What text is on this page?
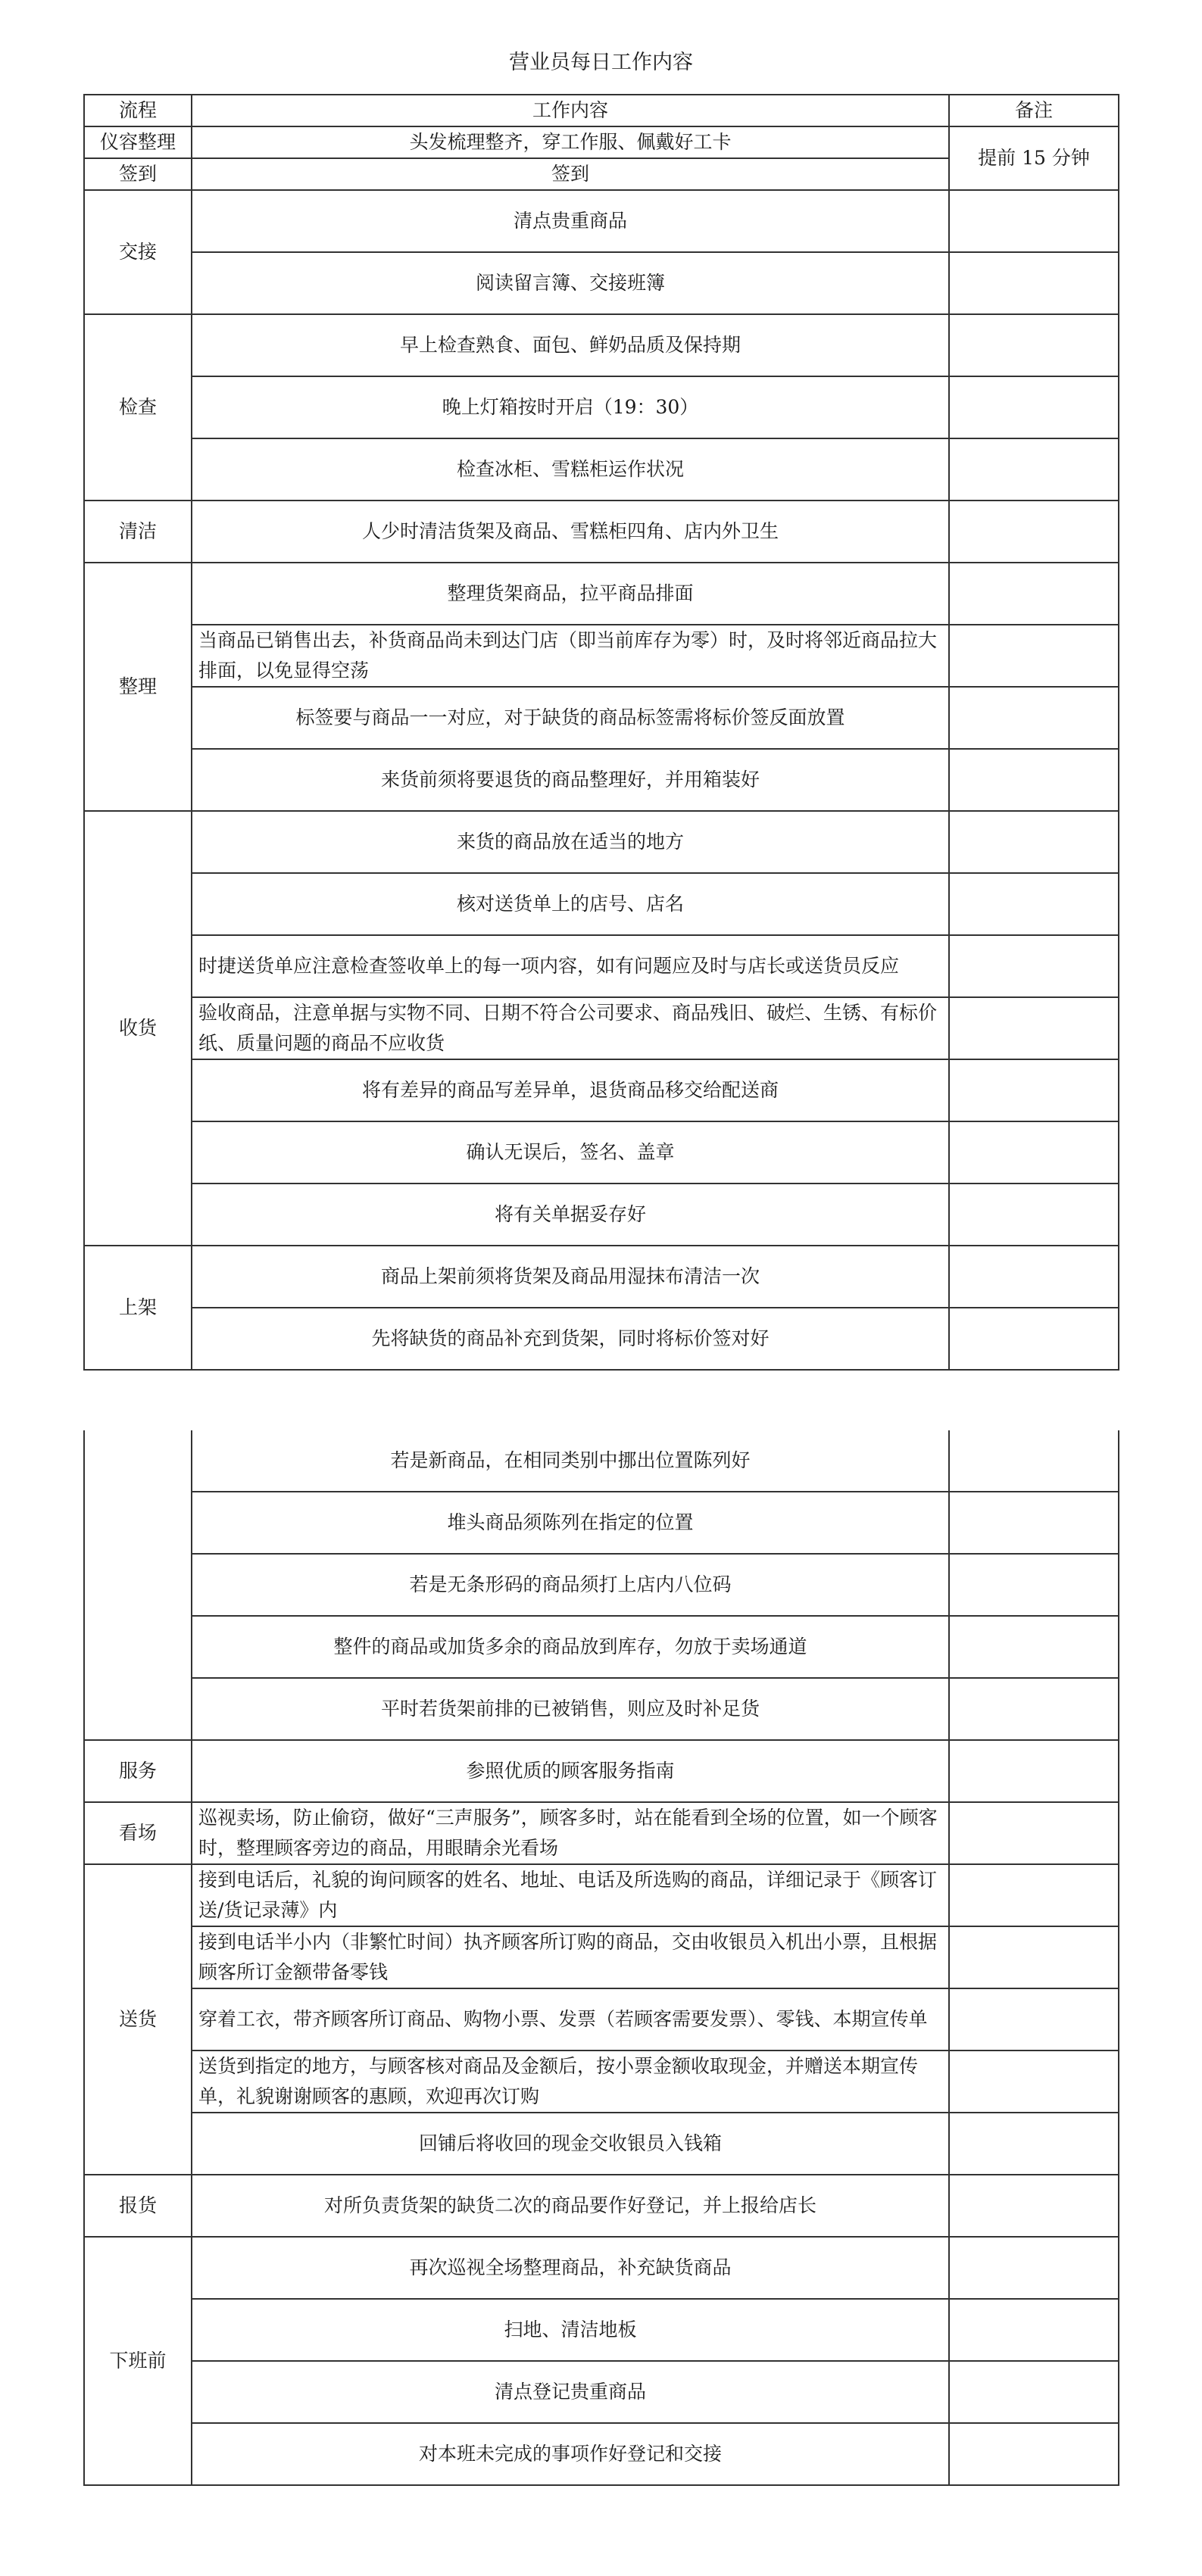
营业员每日工作内容
流程	工作内容	备注
仪容整理	头发梳理整齐，穿工作服、佩戴好工卡	提前 15 分钟
签到	签到	
交接	清点贵重商品	
	阅读留言簿、交接班簿	
检查	早上检查熟食、面包、鲜奶品质及保持期	
	晚上灯箱按时开启（19：30）	
	检查冰柜、雪糕柜运作状况	
清洁	人少时清洁货架及商品、雪糕柜四角、店内外卫生	
整理	整理货架商品，拉平商品排面	
	当商品已销售出去，补货商品尚未到达门店（即当前库存为零）时，及时将邻近商品拉大排面，以免显得空荡	
	标签要与商品一一对应，对于缺货的商品标签需将标价签反面放置	
	来货前须将要退货的商品整理好，并用箱装好	
收货	来货的商品放在适当的地方	
	核对送货单上的店号、店名	
	时捷送货单应注意检查签收单上的每一项内容，如有问题应及时与店长或送货员反应	
	验收商品，注意单据与实物不同、日期不符合公司要求、商品残旧、破烂、生锈、有标价纸、质量问题的商品不应收货	
	将有差异的商品写差异单，退货商品移交给配送商	
	确认无误后，签名、盖章	
	将有关单据妥存好	
上架	商品上架前须将货架及商品用湿抹布清洁一次	
	先将缺货的商品补充到货架，同时将标价签对好	
	若是新商品，在相同类别中挪出位置陈列好	
	堆头商品须陈列在指定的位置	
	若是无条形码的商品须打上店内八位码	
	整件的商品或加货多余的商品放到库存，勿放于卖场通道	
	平时若货架前排的已被销售，则应及时补足货	
服务	参照优质的顾客服务指南	
看场	巡视卖场，防止偷窃，做好“三声服务”，顾客多时，站在能看到全场的位置，如一个顾客时，整理顾客旁边的商品，用眼睛余光看场	
送货	接到电话后，礼貌的询问顾客的姓名、地址、电话及所选购的商品，详细记录于《顾客订送/货记录薄》内	
	接到电话半小内（非繁忙时间）执齐顾客所订购的商品，交由收银员入机出小票，且根据顾客所订金额带备零钱	
	穿着工衣，带齐顾客所订商品、购物小票、发票（若顾客需要发票）、零钱、本期宣传单	
	送货到指定的地方，与顾客核对商品及金额后，按小票金额收取现金，并赠送本期宣传单，礼貌谢谢顾客的惠顾，欢迎再次订购	
	回铺后将收回的现金交收银员入钱箱	
报货	对所负责货架的缺货二次的商品要作好登记，并上报给店长	
下班前	再次巡视全场整理商品，补充缺货商品	
	扫地、清洁地板	
	清点登记贵重商品	
	对本班未完成的事项作好登记和交接	
